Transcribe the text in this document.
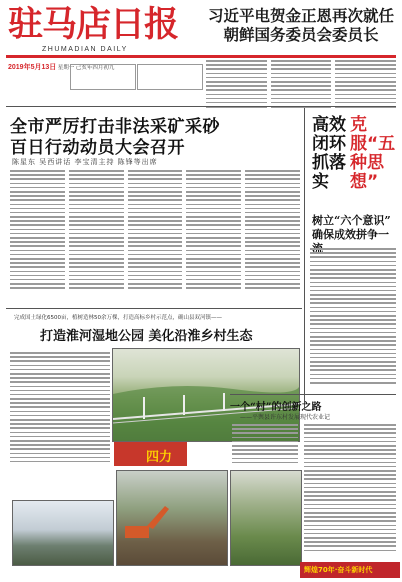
驻马店日报
ZHUMADIAN DAILY
2019年5月13日 星期一 己亥年四月初九
习近平电贺金正恩再次就任
朝鲜国务委员会委员长
全市严厉打击非法采矿采砂
百日行动动员大会召开
陈星东 吴西讲话 李宝清主持 陈锋等出席
克服“五种思想”
高效闭环抓落实
树立“六个意识”
确保成效拼争一流
完成国土绿化6500亩，植树造林50余万棵，打造高标乡村示范点，确山县双河镇——
打造淮河湿地公园 美化沿淮乡村生态
四力
一个“村”的创新之路
——平舆县许东村发展现代农业记
辉煌70年·奋斗新时代
